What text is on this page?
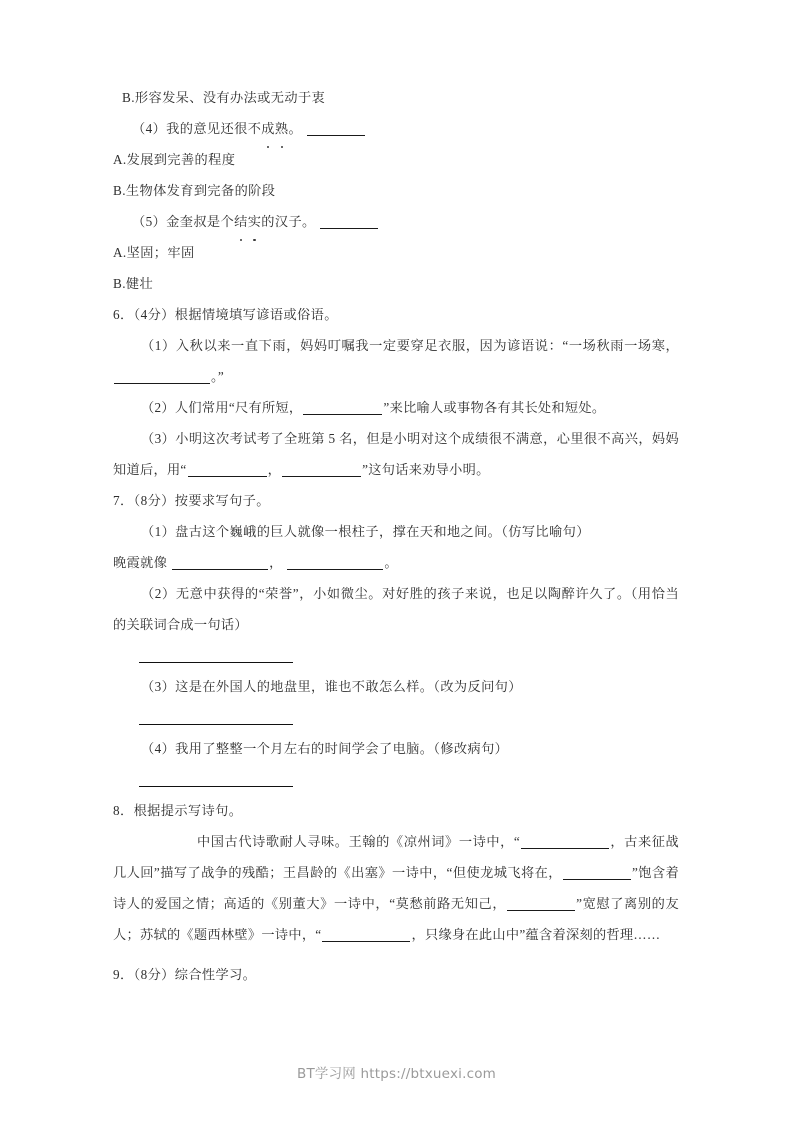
B.形容发呆、没有办法或无动于衷
（4）我的意见还很不成熟。
A.发展到完善的程度
B.生物体发育到完备的阶段
（5）金奎叔是个结实的汉子。
A.坚固；牢固
B.健壮
6．（4分）根据情境填写谚语或俗语。
（1）入秋以来一直下雨，妈妈叮嘱我一定要穿足衣服，因为谚语说：“一场秋雨一场寒，。”
（2）人们常用“尺有所短，	”来比喻人或事物各有其长处和短处。
（3）小明这次考试考了全班第 5 名，但是小明对这个成绩很不满意，心里很不高兴，妈妈知道后，用“	，	”这句话来劝导小明。
7．（8分）按要求写句子。
（1）盘古这个巍峨的巨人就像一根柱子，撑在天和地之间。（仿写比喻句）
晚霞就像	，	。
（2）无意中获得的“荣誉”，小如微尘。对好胜的孩子来说，也足以陶醉许久了。（用恰当的关联词合成一句话）
（3）这是在外国人的地盘里，谁也不敢怎么样。（改为反问句）
（4）我用了整整一个月左右的时间学会了电脑。（修改病句）
8．根据提示写诗句。
中国古代诗歌耐人寻味。王翰的《凉州词》一诗中，“	，古来征战几人回”描写了战争的残酷；王昌龄的《出塞》一诗中，“但使龙城飞将在，	”饱含着诗人的爱国之情；高适的《别董大》一诗中，“莫愁前路无知己，	”宽慰了离别的友人；苏轼的《题西林壁》一诗中，“	，只缘身在此山中”蕴含着深刻的哲理……
9．（8分）综合性学习。
BT学习网 https://btxuexi.com
